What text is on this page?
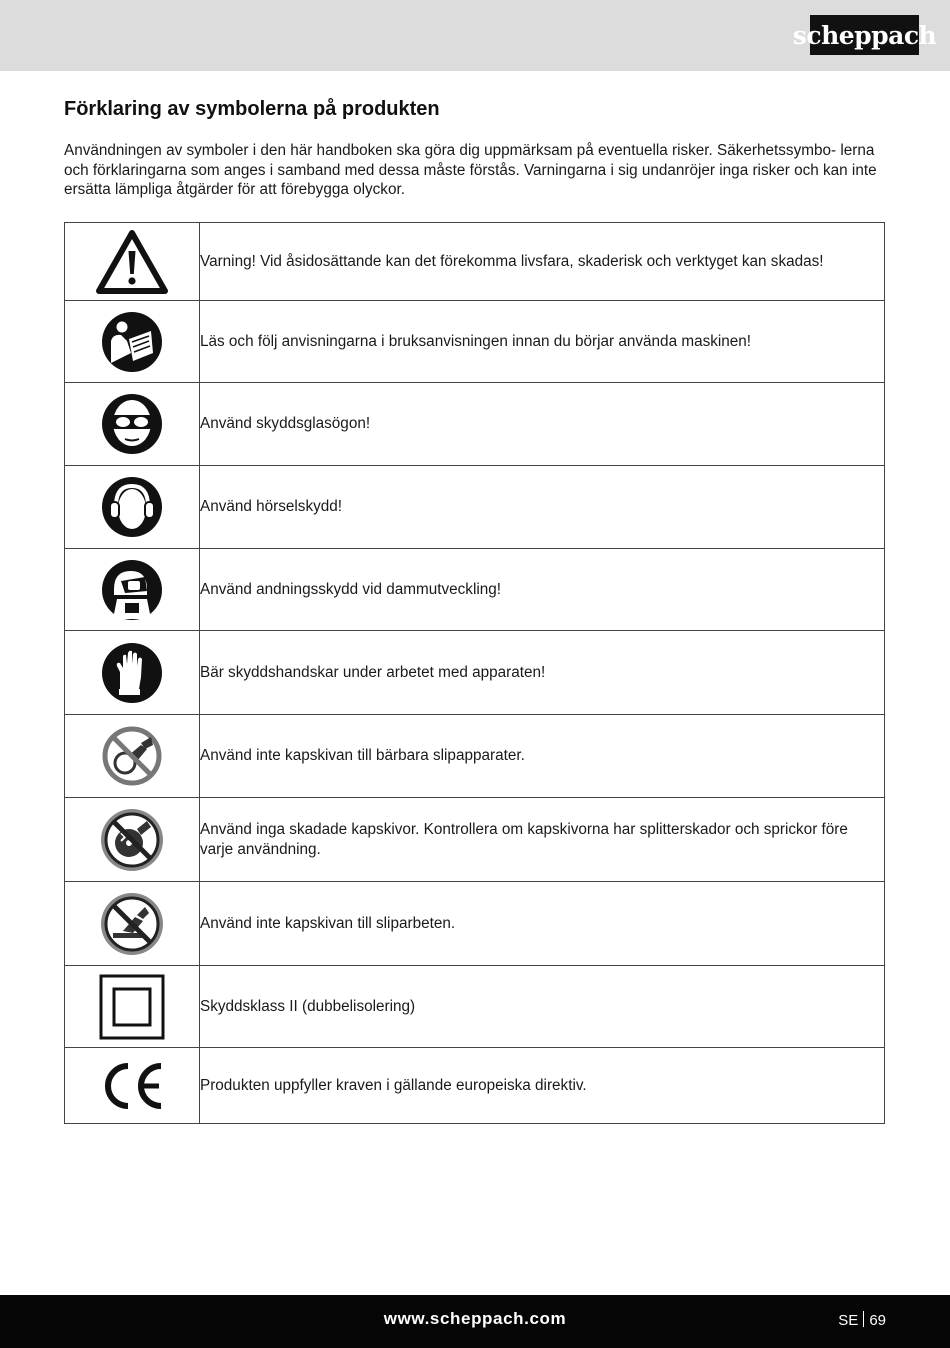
scheppach
Förklaring av symbolerna på produkten

Användningen av symboler i den här handboken ska göra dig uppmärksam på eventuella risker. Säkerhetssymbo- lerna och förklaringarna som anges i samband med dessa måste förstås. Varningarna i sig undanröjer inga risker och kan inte ersätta lämpliga åtgärder för att förebygga olyckor.

	Varning! Vid åsidosättande kan det förekomma livsfara, skaderisk och verktyget kan skadas!

	Läs och följ anvisningarna i bruksanvisningen innan du börjar använda maskinen!

	Använd skyddsglasögon!

	Använd hörselskydd!

	Använd andningsskydd vid dammutveckling!

	Bär skyddshandskar under arbetet med apparaten!

	Använd inte kapskivan till bärbara slipapparater.

	Använd inga skadade kapskivor. Kontrollera om kapskivorna har splitterskador och sprickor före varje användning.

	Använd inte kapskivan till sliparbeten.

	Skyddsklass II (dubbelisolering)

	Produkten uppfyller kraven i gällande europeiska direktiv.
www.scheppach.com	SE 69
